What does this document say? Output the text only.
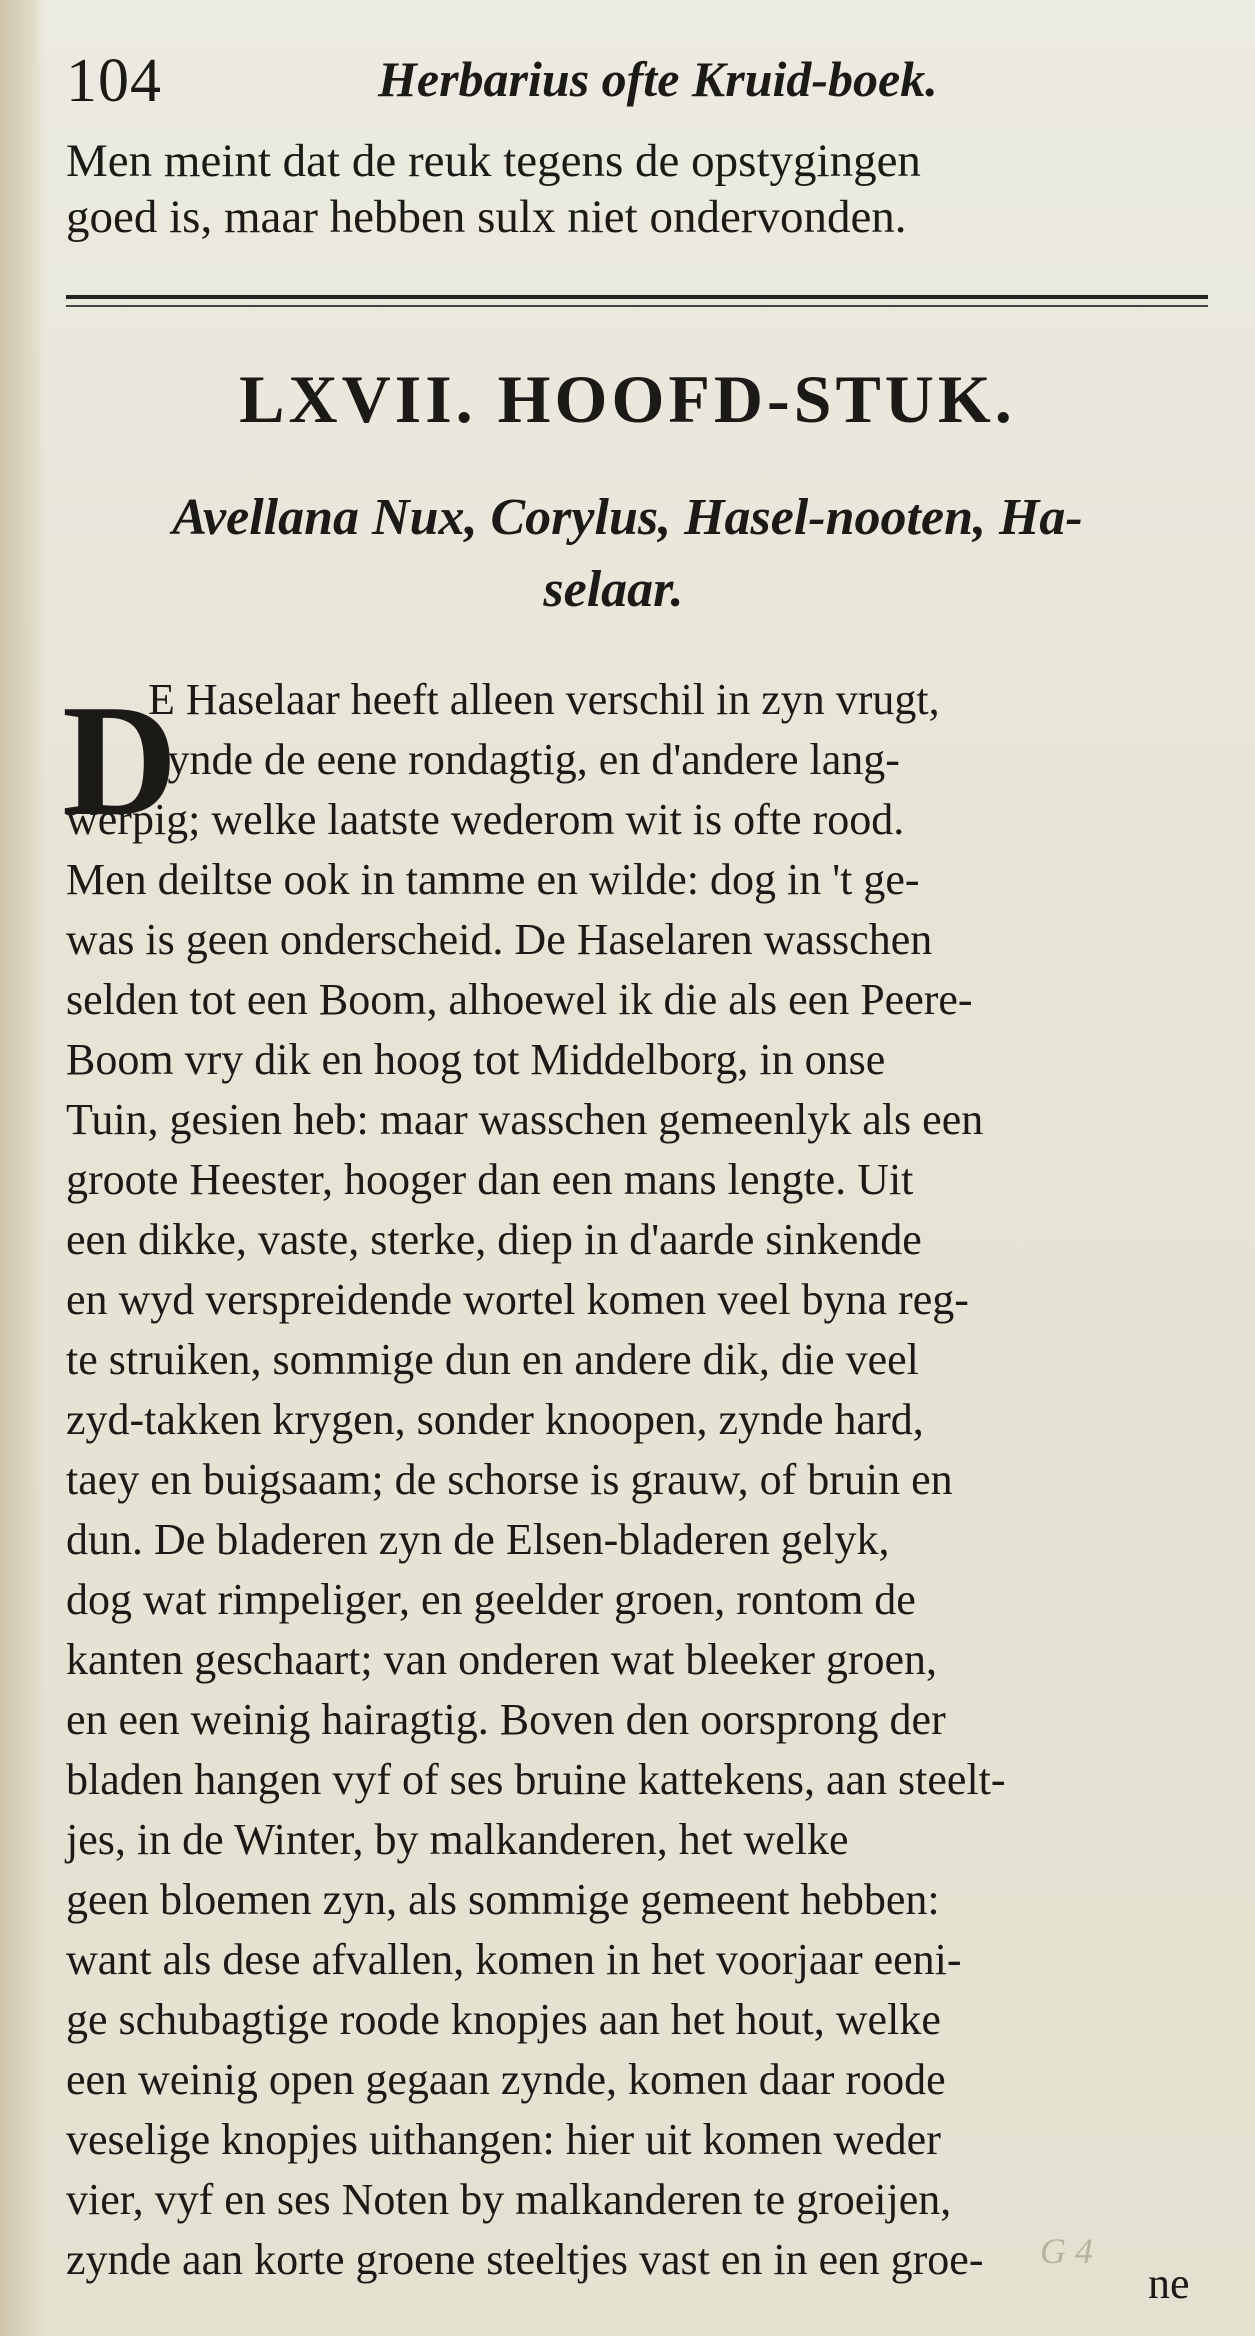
104	Herbarius ofte Kruid-boek.
Men meint dat de reuk tegens de opstygingen
goed is, maar hebben sulx niet ondervonden.
LXVII. HOOFD-STUK.
Avellana Nux, Corylus, Hasel-nooten, Ha-
selaar.
D
E Haselaar heeft alleen verschil in zyn vrugt,
zynde de eene rondagtig, en d'andere lang-
werpig; welke laatste wederom wit is ofte rood.
Men deiltse ook in tamme en wilde: dog in 't ge-
was is geen onderscheid. De Haselaren wasschen
selden tot een Boom, alhoewel ik die als een Peere-
Boom vry dik en hoog tot Middelborg, in onse
Tuin, gesien heb: maar wasschen gemeenlyk als een
groote Heester, hooger dan een mans lengte. Uit
een dikke, vaste, sterke, diep in d'aarde sinkende
en wyd verspreidende wortel komen veel byna reg-
te struiken, sommige dun en andere dik, die veel
zyd-takken krygen, sonder knoopen, zynde hard,
taey en buigsaam; de schorse is grauw, of bruin en
dun. De bladeren zyn de Elsen-bladeren gelyk,
dog wat rimpeliger, en geelder groen, rontom de
kanten geschaart; van onderen wat bleeker groen,
en een weinig hairagtig. Boven den oorsprong der
bladen hangen vyf of ses bruine kattekens, aan steelt-
jes, in de Winter, by malkanderen, het welke
geen bloemen zyn, als sommige gemeent hebben:
want als dese afvallen, komen in het voorjaar eeni-
ge schubagtige roode knopjes aan het hout, welke
een weinig open gegaan zynde, komen daar roode
veselige knopjes uithangen: hier uit komen weder
vier, vyf en ses Noten by malkanderen te groeijen,
zynde aan korte groene steeltjes vast en in een groe- G 4
ne
